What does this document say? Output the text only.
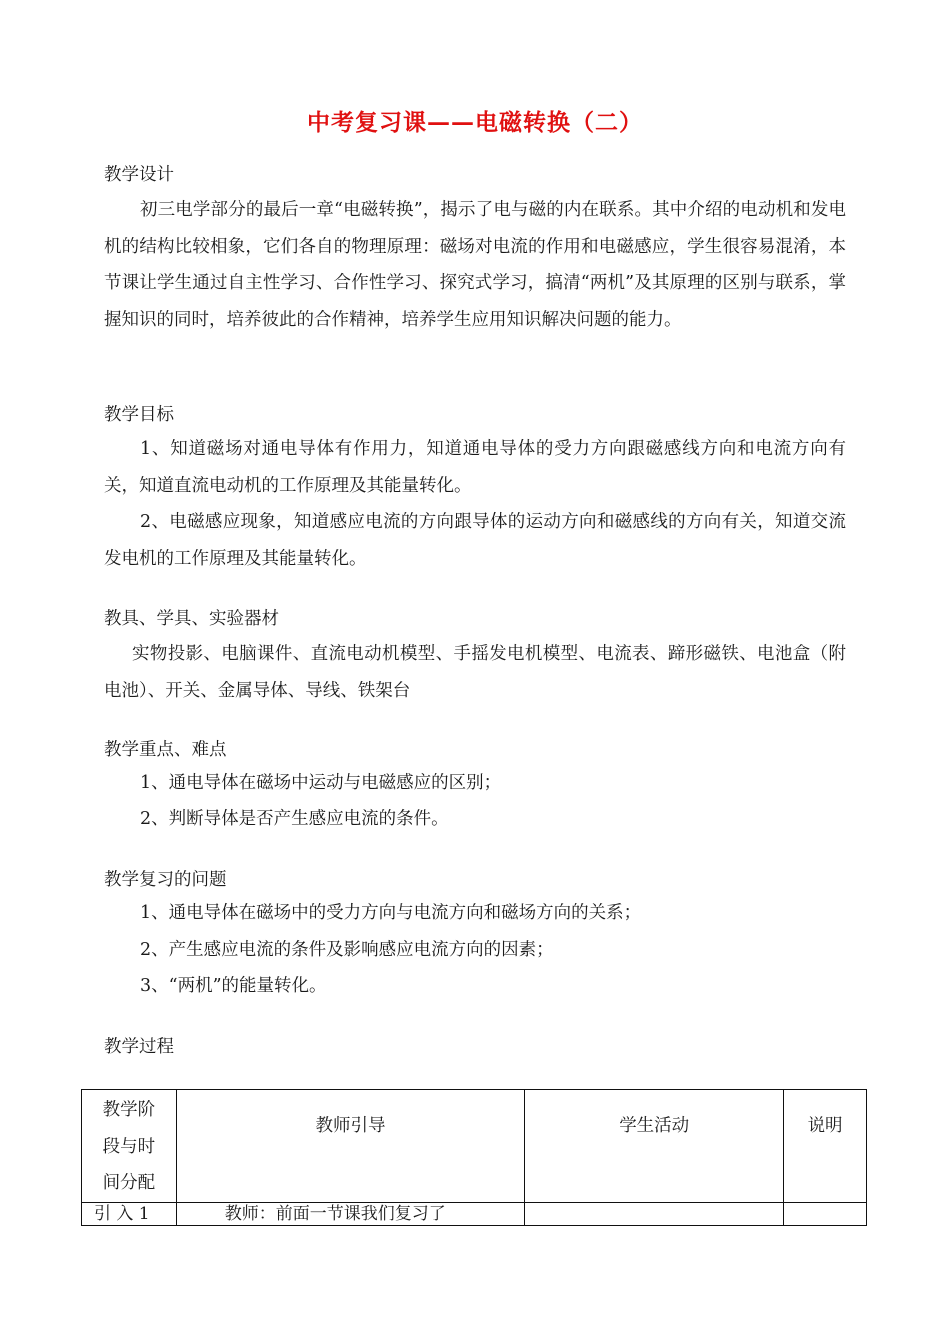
中考复习课——电磁转换（二）
教学设计
初三电学部分的最后一章“电磁转换”，揭示了电与磁的内在联系。其中介绍的电动机和发电机的结构比较相象，它们各自的物理原理：磁场对电流的作用和电磁感应，学生很容易混淆，本节课让学生通过自主性学习、合作性学习、探究式学习，搞清“两机”及其原理的区别与联系，掌握知识的同时，培养彼此的合作精神，培养学生应用知识解决问题的能力。
教学目标
1、知道磁场对通电导体有作用力，知道通电导体的受力方向跟磁感线方向和电流方向有关，知道直流电动机的工作原理及其能量转化。
2、电磁感应现象，知道感应电流的方向跟导体的运动方向和磁感线的方向有关，知道交流发电机的工作原理及其能量转化。
教具、学具、实验器材
实物投影、电脑课件、直流电动机模型、手摇发电机模型、电流表、蹄形磁铁、电池盒（附电池）、开关、金属导体、导线、铁架台
教学重点、难点
1、通电导体在磁场中运动与电磁感应的区别；
2、判断导体是否产生感应电流的条件。
教学复习的问题
1、通电导体在磁场中的受力方向与电流方向和磁场方向的关系；
2、产生感应电流的条件及影响感应电流方向的因素；
3、“两机”的能量转化。
教学过程
教学阶
段与时
间分配	教师引导	学生活动	说明
引 入 1	教师：前面一节课我们复习了		
